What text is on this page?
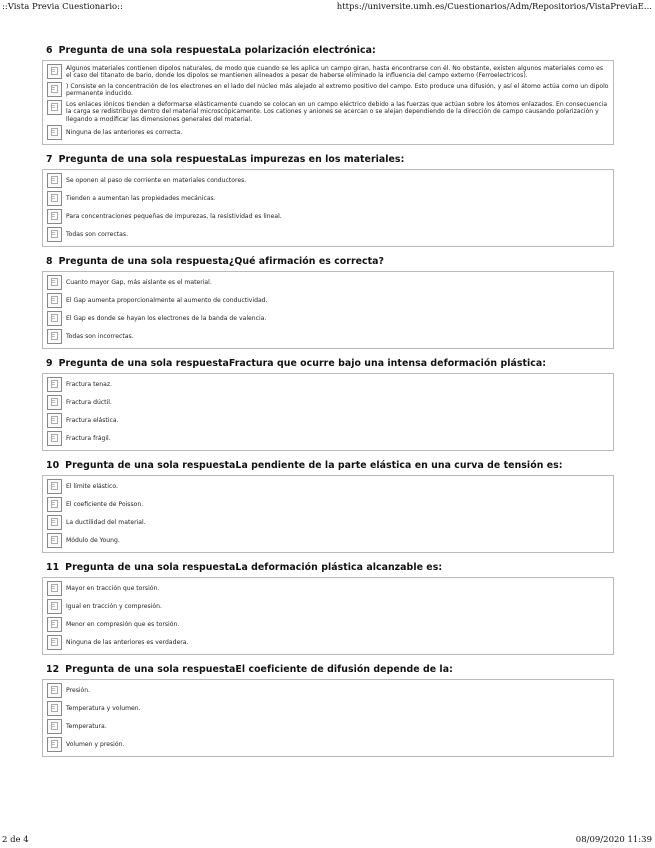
::Vista Previa Cuestionario::	https://universite.umh.es/Cuestionarios/Adm/Repositorios/VistaPreviaE...
6 Pregunta de una sola respuestaLa polarización electrónica:
Algunos materiales contienen dipolos naturales, de modo que cuando se les aplica un campo giran, hasta encontrarse con él. No obstante, existen algunos materiales como es el caso del titanato de bario, donde los dipolos se mantienen alineados a pesar de haberse eliminado la influencia del campo externo (Ferroelectricos).
) Consiste en la concentración de los electrones en el lado del núcleo más alejado al extremo positivo del campo. Esto produce una difusión, y así el átomo actúa como un dipolo permanente inducido.
Los enlaces iónicos tienden a deformarse elásticamente cuando se colocan en un campo eléctrico debido a las fuerzas que actúan sobre los átomos enlazados. En consecuencia la carga se redistribuye dentro del material microscópicamente. Los cationes y aniones se acercan o se alejan dependiendo de la dirección de campo causando polarización y llegando a modificar las dimensiones generales del material.
Ninguna de las anteriores es correcta.
7 Pregunta de una sola respuestaLas impurezas en los materiales:
Se oponen al paso de corriente en materiales conductores.
Tienden a aumentan las propiedades mecánicas.
Para concentraciones pequeñas de impurezas, la resistividad es lineal.
Todas son correctas.
8 Pregunta de una sola respuesta¿Qué afirmación es correcta?
Cuanto mayor Gap, más aislante es el material.
El Gap aumenta proporcionalmente al aumento de conductividad.
El Gap es donde se hayan los electrones de la banda de valencia.
Todas son incorrectas.
9 Pregunta de una sola respuestaFractura que ocurre bajo una intensa deformación plástica:
Fractura tenaz.
Fractura dúctil.
Fractura elástica.
Fractura frágil.
10 Pregunta de una sola respuestaLa pendiente de la parte elástica en una curva de tensión es:
El límite elástico.
El coeficiente de Poisson.
La ductilidad del material.
Módulo de Young.
11 Pregunta de una sola respuestaLa deformación plástica alcanzable es:
Mayor en tracción que torsión.
Igual en tracción y compresión.
Menor en compresión que es torsión.
Ninguna de las anteriores es verdadera.
12 Pregunta de una sola respuestaEl coeficiente de difusión depende de la:
Presión.
Temperatura y volumen.
Temperatura.
Volumen y presión.
2 de 4	08/09/2020 11:39
